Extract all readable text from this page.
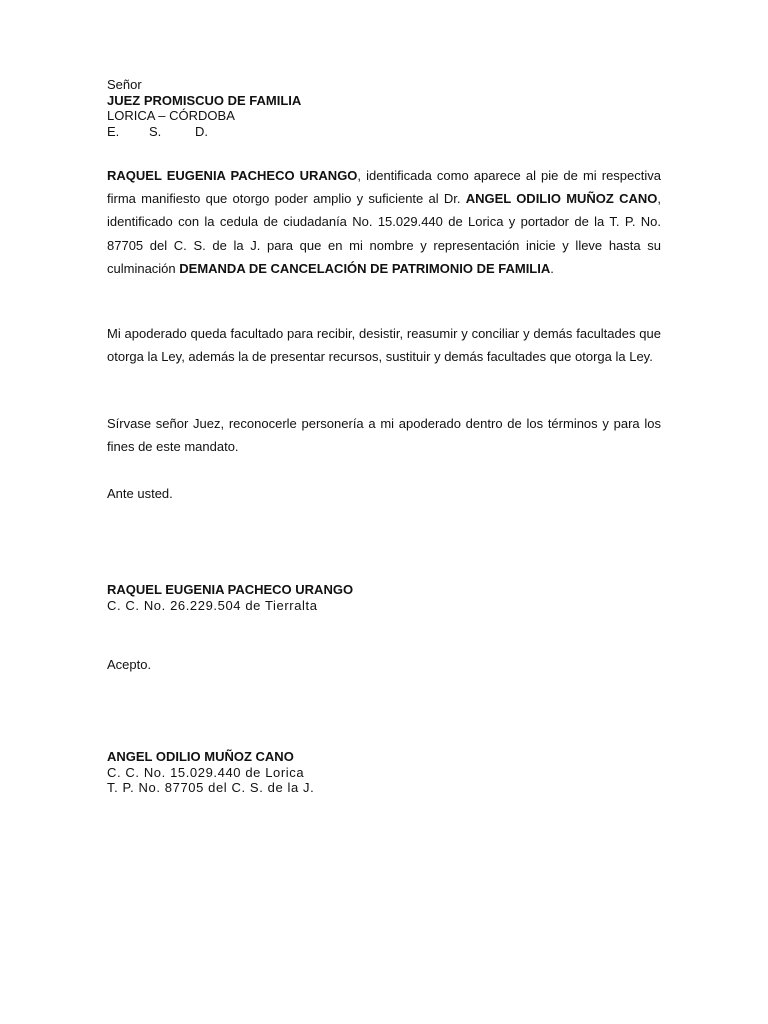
Señor
JUEZ PROMISCUO DE FAMILIA
LORICA – CÓRDOBA
E. S.	D.
RAQUEL EUGENIA PACHECO URANGO, identificada como aparece al pie de mi respectiva firma manifiesto que otorgo poder amplio y suficiente al Dr. ANGEL ODILIO MUÑOZ CANO, identificado con la cedula de ciudadanía No. 15.029.440 de Lorica y portador de la T. P. No. 87705 del C. S. de la J. para que en mi nombre y representación inicie y lleve hasta su culminación DEMANDA DE CANCELACIÓN DE PATRIMONIO DE FAMILIA.
Mi apoderado queda facultado para recibir, desistir, reasumir y conciliar y demás facultades que otorga la Ley, además la de presentar recursos, sustituir y demás facultades que otorga la Ley.
Sírvase señor Juez, reconocerle personería a mi apoderado dentro de los términos y para los fines de este mandato.
Ante usted.
RAQUEL EUGENIA PACHECO URANGO
C. C. No. 26.229.504 de Tierralta
Acepto.
ANGEL ODILIO MUÑOZ CANO
C. C. No. 15.029.440 de Lorica
T. P. No. 87705 del C. S. de la J.
